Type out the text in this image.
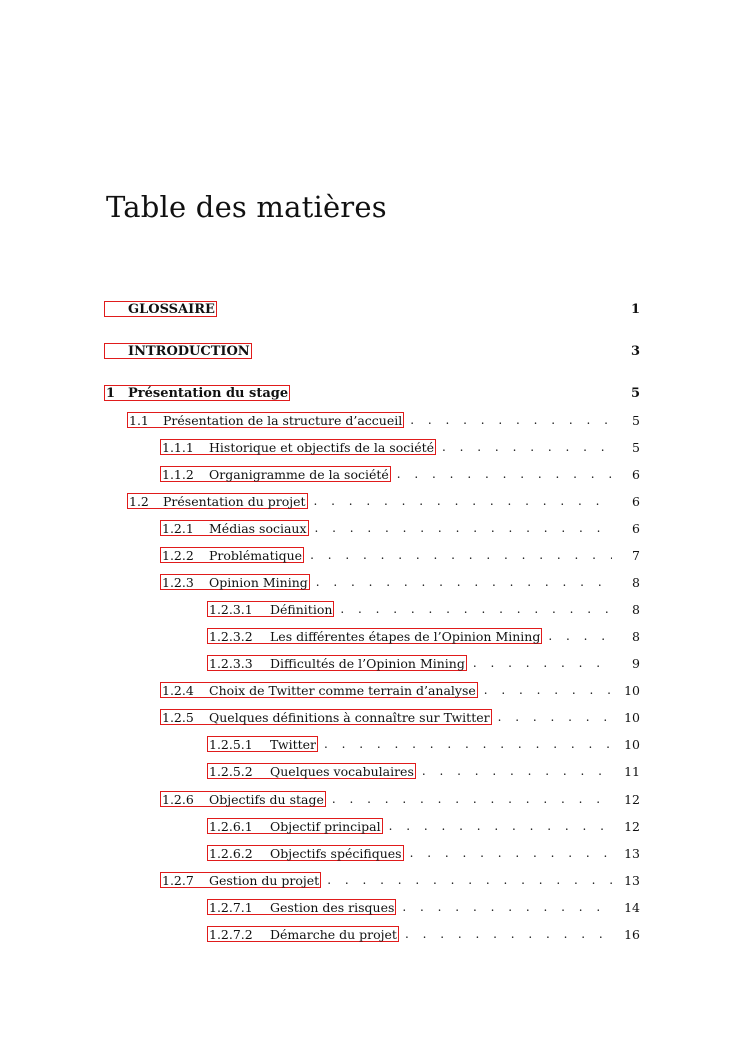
Table des matières
GLOSSAIRE	1
INTRODUCTION	3
1 Présentation du stage	5
1.1	Présentation de la structure d’accueil . . .	5
1.1.1	Historique et objectifs de la société . . .	5
1.1.2	Organigramme de la société . . .	6
1.2	Présentation du projet . . .	6
1.2.1	Médias sociaux . . .	6
1.2.2	Problématique . . .	7
1.2.3	Opinion Mining . . .	8
1.2.3.1	Définition . . .	8
1.2.3.2	Les différentes étapes de l’Opinion Mining . . .	8
1.2.3.3	Difficultés de l’Opinion Mining . . .	9
1.2.4	Choix de Twitter comme terrain d’analyse . . .	10
1.2.5	Quelques définitions à connaître sur Twitter . . .	10
1.2.5.1	Twitter . . .	10
1.2.5.2	Quelques vocabulaires . . .	11
1.2.6	Objectifs du stage . . .	12
1.2.6.1	Objectif principal . . .	12
1.2.6.2	Objectifs spécifiques . . .	13
1.2.7	Gestion du projet . . .	13
1.2.7.1	Gestion des risques . . .	14
1.2.7.2	Démarche du projet . . .	16
